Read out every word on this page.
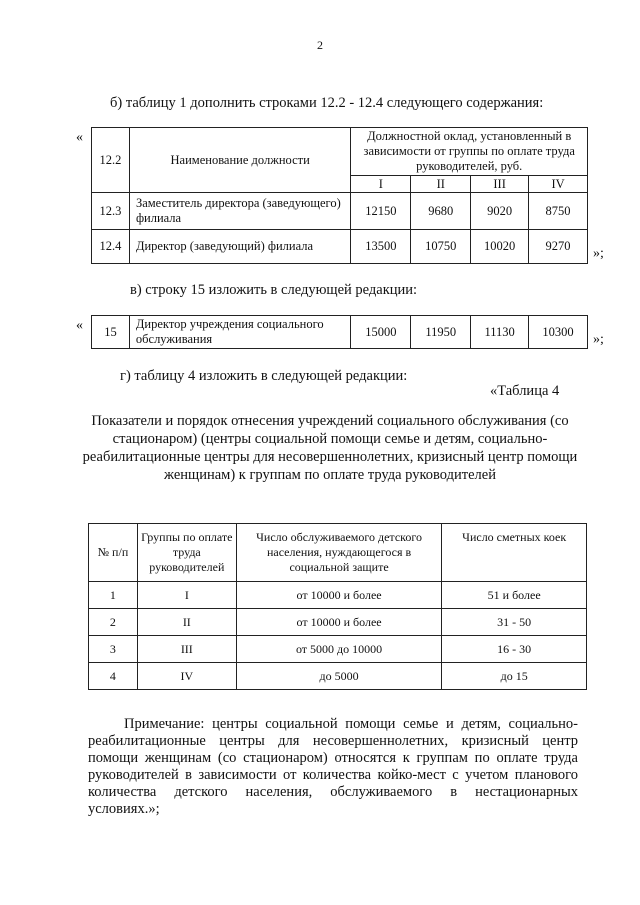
2
б) таблицу 1 дополнить строками 12.2 - 12.4 следующего содержания:
«
12.2	Наименование должности	Должностной оклад, установленный в зависимости от группы по оплате труда руководителей, руб.			
		I	II	III	IV
12.3	Заместитель директора (заведующего) филиала	12150	9680	9020	8750
12.4	Директор (заведующий) филиала	13500	10750	10020	9270 »;
в) строку 15 изложить в следующей редакции:
« 15	Директор учреждения социального обслуживания	15000	11950	11130	10300
»;
г) таблицу 4 изложить в следующей редакции:
«Таблица 4
Показатели и порядок отнесения учреждений социального обслуживания (со стационаром) (центры социальной помощи семье и детям, социально-реабилитационные центры для несовершеннолетних, кризисный центр помощи женщинам) к группам по оплате труда руководителей
№ п/п	Группы по оплате труда руководителей	Число обслуживаемого детского населения, нуждающегося в социальной защите	Число сметных коек
1	I	от 10000 и более	51 и более
2	II	от 10000 и более	31 - 50
3	III	от 5000 до 10000	16 - 30
4	IV	до 5000	до 15
Примечание: центры социальной помощи семье и детям, социально-реабилитационные центры для несовершеннолетних, кризисный центр помощи женщинам (со стационаром) относятся к группам по оплате труда руководителей в зависимости от количества койко-мест с учетом планового количества детского населения, обслуживаемого в нестационарных условиях.»;
